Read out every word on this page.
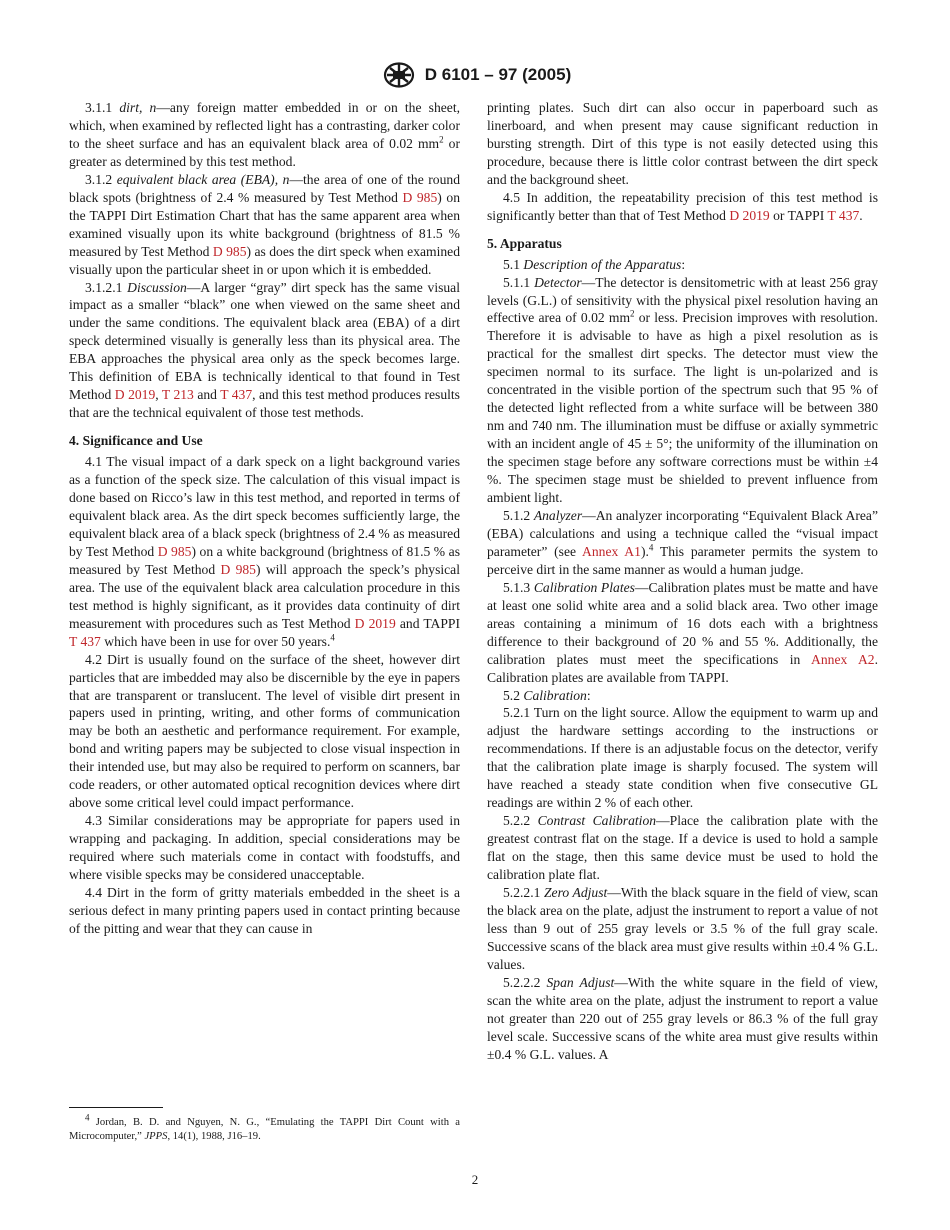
D 6101 – 97 (2005)

3.1.1 dirt, n—any foreign matter embedded in or on the sheet, which, when examined by reflected light has a contrasting, darker color to the sheet surface and has an equivalent black area of 0.02 $mm^2$ or greater as determined by this test method.

3.1.2 equivalent black area (EBA), n—the area of one of the round black spots (brightness of 2.4 % measured by Test Method D 985) on the TAPPI Dirt Estimation Chart that has the same apparent area when examined visually upon its white background (brightness of 81.5 % measured by Test Method D 985) as does the dirt speck when examined visually upon the particular sheet in or upon which it is embedded.

3.1.2.1 Discussion—A larger “gray” dirt speck has the same visual impact as a smaller “black” one when viewed on the same sheet and under the same conditions. The equivalent black area (EBA) of a dirt speck determined visually is generally less than its physical area. The EBA approaches the physical area only as the speck becomes large. This definition of EBA is technically identical to that found in Test Method D 2019, T 213 and T 437, and this test method produces results that are the technical equivalent of those test methods.

4. Significance and Use

4.1 The visual impact of a dark speck on a light background varies as a function of the speck size. The calculation of this visual impact is done based on Ricco’s law in this test method, and reported in terms of equivalent black area. As the dirt speck becomes sufficiently large, the equivalent black area of a black speck (brightness of 2.4 % as measured by Test Method D 985) on a white background (brightness of 81.5 % as measured by Test Method D 985) will approach the speck’s physical area. The use of the equivalent black area calculation procedure in this test method is highly significant, as it provides data continuity of dirt measurement with procedures such as Test Method D 2019 and TAPPI T 437 which have been in use for over 50 years.$^4$

4.2 Dirt is usually found on the surface of the sheet, however dirt particles that are imbedded may also be discernible by the eye in papers that are transparent or translucent. The level of visible dirt present in papers used in printing, writing, and other forms of communication may be both an aesthetic and performance requirement. For example, bond and writing papers may be subjected to close visual inspection in their intended use, but may also be required to perform on scanners, bar code readers, or other automated optical recognition devices where dirt above some critical level could impact performance.

4.3 Similar considerations may be appropriate for papers used in wrapping and packaging. In addition, special considerations may be required where such materials come in contact with foodstuffs, and where visible specks may be considered unacceptable.

4.4 Dirt in the form of gritty materials embedded in the sheet is a serious defect in many printing papers used in contact printing because of the pitting and wear that they can cause in

printing plates. Such dirt can also occur in paperboard such as linerboard, and when present may cause significant reduction in bursting strength. Dirt of this type is not easily detected using this procedure, because there is little color contrast between the dirt speck and the background sheet.

4.5 In addition, the repeatability precision of this test method is significantly better than that of Test Method D 2019 or TAPPI T 437.

5. Apparatus

5.1 Description of the Apparatus:

5.1.1 Detector—The detector is densitometric with at least 256 gray levels (G.L.) of sensitivity with the physical pixel resolution having an effective area of 0.02 $mm^2$ or less. Precision improves with resolution. Therefore it is advisable to have as high a pixel resolution as is practical for the smallest dirt specks. The detector must view the specimen normal to its surface. The light is un-polarized and is concentrated in the visible portion of the spectrum such that 95 % of the detected light reflected from a white surface will be between 380 nm and 740 nm. The illumination must be diffuse or axially symmetric with an incident angle of 45 ± 5°; the uniformity of the illumination on the specimen stage before any software corrections must be within ±4 %. The specimen stage must be shielded to prevent influence from ambient light.

5.1.2 Analyzer—An analyzer incorporating “Equivalent Black Area” (EBA) calculations and using a technique called the “visual impact parameter” (see Annex A1).$^4$ This parameter permits the system to perceive dirt in the same manner as would a human judge.

5.1.3 Calibration Plates—Calibration plates must be matte and have at least one solid white area and a solid black area. Two other image areas containing a minimum of 16 dots each with a brightness difference to their background of 20 % and 55 %. Additionally, the calibration plates must meet the specifications in Annex A2. Calibration plates are available from TAPPI.

5.2 Calibration:

5.2.1 Turn on the light source. Allow the equipment to warm up and adjust the hardware settings according to the instructions or recommendations. If there is an adjustable focus on the detector, verify that the calibration plate image is sharply focused. The system will have reached a steady state condition when five consecutive GL readings are within 2 % of each other.

5.2.2 Contrast Calibration—Place the calibration plate with the greatest contrast flat on the stage. If a device is used to hold a sample flat on the stage, then this same device must be used to hold the calibration plate flat.

5.2.2.1 Zero Adjust—With the black square in the field of view, scan the black area on the plate, adjust the instrument to report a value of not less than 9 out of 255 gray levels or 3.5 % of the full gray scale. Successive scans of the black area must give results within ±0.4 % G.L. values.

5.2.2.2 Span Adjust—With the white square in the field of view, scan the white area on the plate, adjust the instrument to report a value not greater than 220 out of 255 gray levels or 86.3 % of the full gray level scale. Successive scans of the white area must give results within ±0.4 % G.L. values. A

$^4$ Jordan, B. D. and Nguyen, N. G., “Emulating the TAPPI Dirt Count with a Microcomputer,” JPPS, 14(1), 1988, J16–19.

2
